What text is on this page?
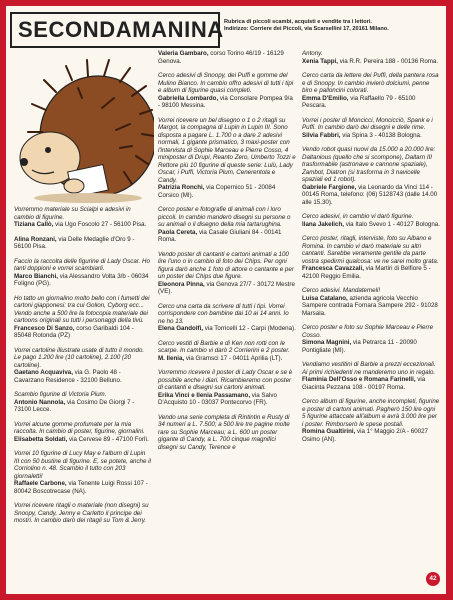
SECONDAMANINA Rubrica di piccoli scambi, acquisti e vendite tra i lettori.
Indirizzo: Corriere dei Piccoli, via Scarsellini 17, 20161 Milano.
Vorremmo materiale su Scialpi e adesivi in cambio di figurine.
Tiziana Callò, via Ugo Foscolo 27 - 56100 Pisa.
Alina Ronzani, via Delle Medaglie d'Oro 9 - 56100 Pisa.
Faccio la raccolta delle figurine di Lady Oscar. Ho tanti doppioni e vorrei scambiarli.
Marco Bianchi, via Alessandro Volta 3/b - 06034 Foligno (PG).
Ho tatto un giornalino molto bello con i fumetti dei cartoni giapponesi: tra cui Golion, Cyborg ecc... Vendo anche a 500 lire la fotocopia materiale dei cartoons originali su tutti i personaggi della tivù.
Francesco Di Sanzo, corso Garibaldi 104 - 85048 Rotonda (PZ)
Vorrei cartoline illustrate usate di tutto il mondo. Le pago 1.200 lire (10 cartoline), 2.100 (20 cartoline).
Gaetano Acquaviva, via G. Paolo 48 - Cavarzano Residence - 32100 Belluno.
Scambio figurine di Victoria Pium.
Antonio Nannola, via Cosimo De Giorgi 7 - 73100 Lecce.
Vorrei alcune gomme profumate per la mia raccolta. In cambio di poster, figurine, giornalini.
Elisabetta Soldati, via Cervese 89 - 47100 Forlì.
Vorrei 10 figurine di Lucy May e l'album di Lupin III con 50 bustine di figurine. E, se potete, anche il Corriolino n. 48. Scambio il tutto con 203 giornaletti!
Raffaele Carbone, via Tenente Luigi Rossi 107 - 80042 Boscotrecase (NA).
Vorrei ricevere ritagli o materiale (non disegni) su Snoopy, Candy, Jenny e Carletto il principe dei mostri. In cambio darò dei ritagli su Tom & Jerry.
Valeria Gambaro, corso Torino 46/19 - 16129 Genova.
Cerco adesivi di Snoopy, dei Puffi e gomme del Mulino Bianco. In cambio offro adesivi di tutti i tipi e album di figurine quasi completi.
Gabriella Lombardo, via Consolare Pompea 9/a - 98100 Messina.
Vorrei ricevere un bel disegno o 1 o 2 ritagli su Margot, la compagna di Lupin in Lupin III. Sono disposta a pagare L. 1.700 o a dare 2 adesivi normali, 1 gigante prismatico, 3 maxi-poster con l'intervista di Sophie Marceau e Pierre Cosso, 4 miniposter di Drupi, Reanto Zero, Umberto Tozzi e Rettore più 10 figurine di queste serie: Lulù, Lady Oscar, i Puffi, Victoria Plum, Cenerentola e Candy.
Patrizia Ronchi, via Copernico 51 - 20084 Corsico (MI).
Cerco poster e fotografie di animali con i loro piccoli. In cambio manderò disegni su persone o su animali o il disegno della mia tartarughina.
Paola Cereta, via Casale Giuliani 84 - 00141 Roma.
Vendo poster di cantanti e cartoni animati a 100 lire l'uno o in cambio di foto dei Chips. Per ogni figura darò anche 1 foto di attore o cantante e per un poster dei Chips due figure.
Eleonora Pinna, via Genova 27/7 - 30172 Mestre (VE).
Cerco una carta da scrivere di tutti i tipi. Vorrei corrispondere con bambine dai 10 ai 14 anni. Io ne ho 13.
Elena Gandolfi, via Torricelli 12 - Carpi (Modena).
Cerco vestiti di Barbie e di Ken non rotti con le scarpe. In cambio vi darò 2 Corrierini e 2 poster.
M. Ilenia, via Gramsci 17 - 04011 Aprilia (LT).
Vorremmo ricevere il poster di Lady Oscar e se è possibile anche i diari. Ricambieremo con poster di cantanti e disegni sui cartoni animati.
Erika Vinci e Ilenia Passamano, via Salvo D'Acquisto 10 - 03037 Pontecorvo (FR).
Vendo una serie completa di Rintintin e Rusty di 34 numeri a L. 7.500; a 500 lire tre pagine molte rare su Sophie Marceau; a L. 600 un poster gigante di Candy, a L. 700 cinque magnifici disegni su Candy, Terence e
Antony.
Xenia Tappi, via R.R. Pereira 188 - 00136 Roma.
Cerco carta da lettere dei Puffi, della pantera rosa e di Snoopy. In cambio invierò dolciumi, penne biro e palloncini colorati.
Emma D'Emilio, via Raffaello 79 - 65100 Pescara.
Vorrei i poster di Moncicci, Moncicciò, Spank e i Puffi. In cambio darò dei disegni e delle rime.
Silvia Fabbri, via Spina 3 - 40138 Bologna.
Vendo robot quasi nuovi da 15.000 a 20.000 lire: Daltanious (quello che si scompone), Daltarn III trasformabile (astronave e cannone spaziale), Zambot, Diatron (si trasforma in 3 navicelle spaziali ed 1 robot).
Gabriele Fargione, via Leonardo da Vinci 114 - 00145 Roma, telefono: (06) 5128743 (dalle 14.00 alle 15.30).
Cerco adesivi, in cambio vi darò figurine.
Ilana Jakelich, via Italo Svevo 1 - 40127 Bologna.
Cerco poster, ritagli, interviste, foto su Albano e Romina. In cambio vi darò materiale su altri cantanti. Sarebbe veramente gentile da parte vostra spedirmi qualcosa: ve ne sarei molto grata.
Francesca Cavazzali, via Martiri di Belfiore 5 - 42100 Reggio Emilia.
Cerco adesivi. Mandatemeli!
Luisa Catalano, azienda agricola Vecchio Sampere contrada Fornara Sampere 292 - 91028 Marsala.
Cerco poster e foto su Sophie Marceau e Pierre Cosso.
Simona Magnini, via Petrarca 11 - 20090 Pontigliate (MI).
Vendiamo vestitini di Barbie a prezzi eccezionali. Ai primi richiedenti ne manderemo uno in regalo.
Flaminia Dell'Osso e Romana Farinelli, via Giacinta Pezzana 108 - 00197 Roma.
Cerco album di figurine, anche incompleti, figurine e poster di cartoni animati. Pagherò 150 lire ogni 5 figurine attaccate all'album e avrà 3.000 lire per i poster. Rimborserò le spese postali.
Romina Gualtirini, via 1° Maggio 2/A - 60027 Osimo (AN).
42
